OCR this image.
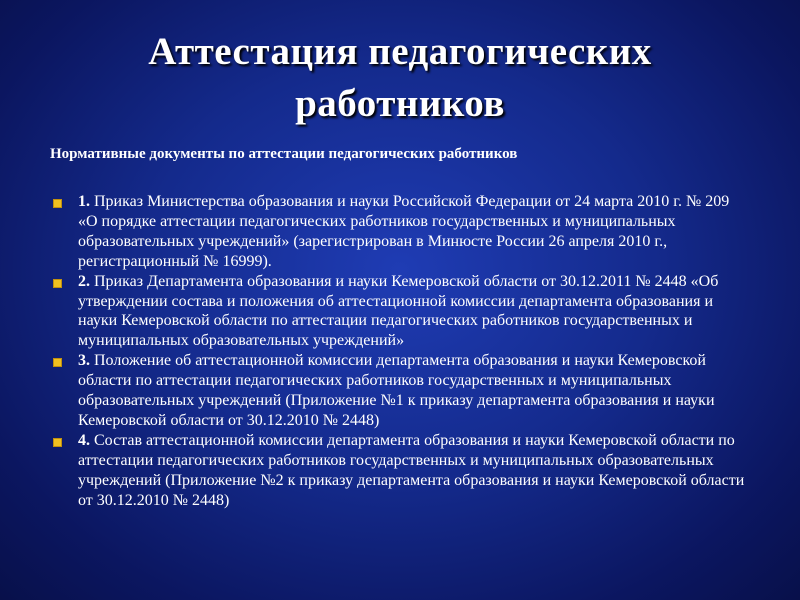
Аттестация педагогических
работников
Нормативные документы по аттестации педагогических работников
1. Приказ Министерства образования и науки Российской Федерации от 24 марта 2010 г. № 209 «О порядке аттестации педагогических работников государственных и муниципальных образовательных учреждений» (зарегистрирован в Минюсте России 26 апреля 2010 г., регистрационный № 16999).
2. Приказ Департамента образования и науки Кемеровской области от 30.12.2011 № 2448 «Об утверждении состава и положения об аттестационной комиссии департамента образования и науки Кемеровской области по аттестации педагогических работников государственных и муниципальных образовательных учреждений»
3. Положение об аттестационной комиссии департамента образования и науки Кемеровской области по аттестации педагогических работников государственных и муниципальных образовательных учреждений (Приложение №1 к приказу департамента образования и науки Кемеровской области от 30.12.2010 № 2448)
4. Состав аттестационной комиссии департамента образования и науки Кемеровской области по аттестации педагогических работников государственных и муниципальных образовательных учреждений (Приложение №2 к приказу департамента образования и науки Кемеровской области от 30.12.2010 № 2448)
